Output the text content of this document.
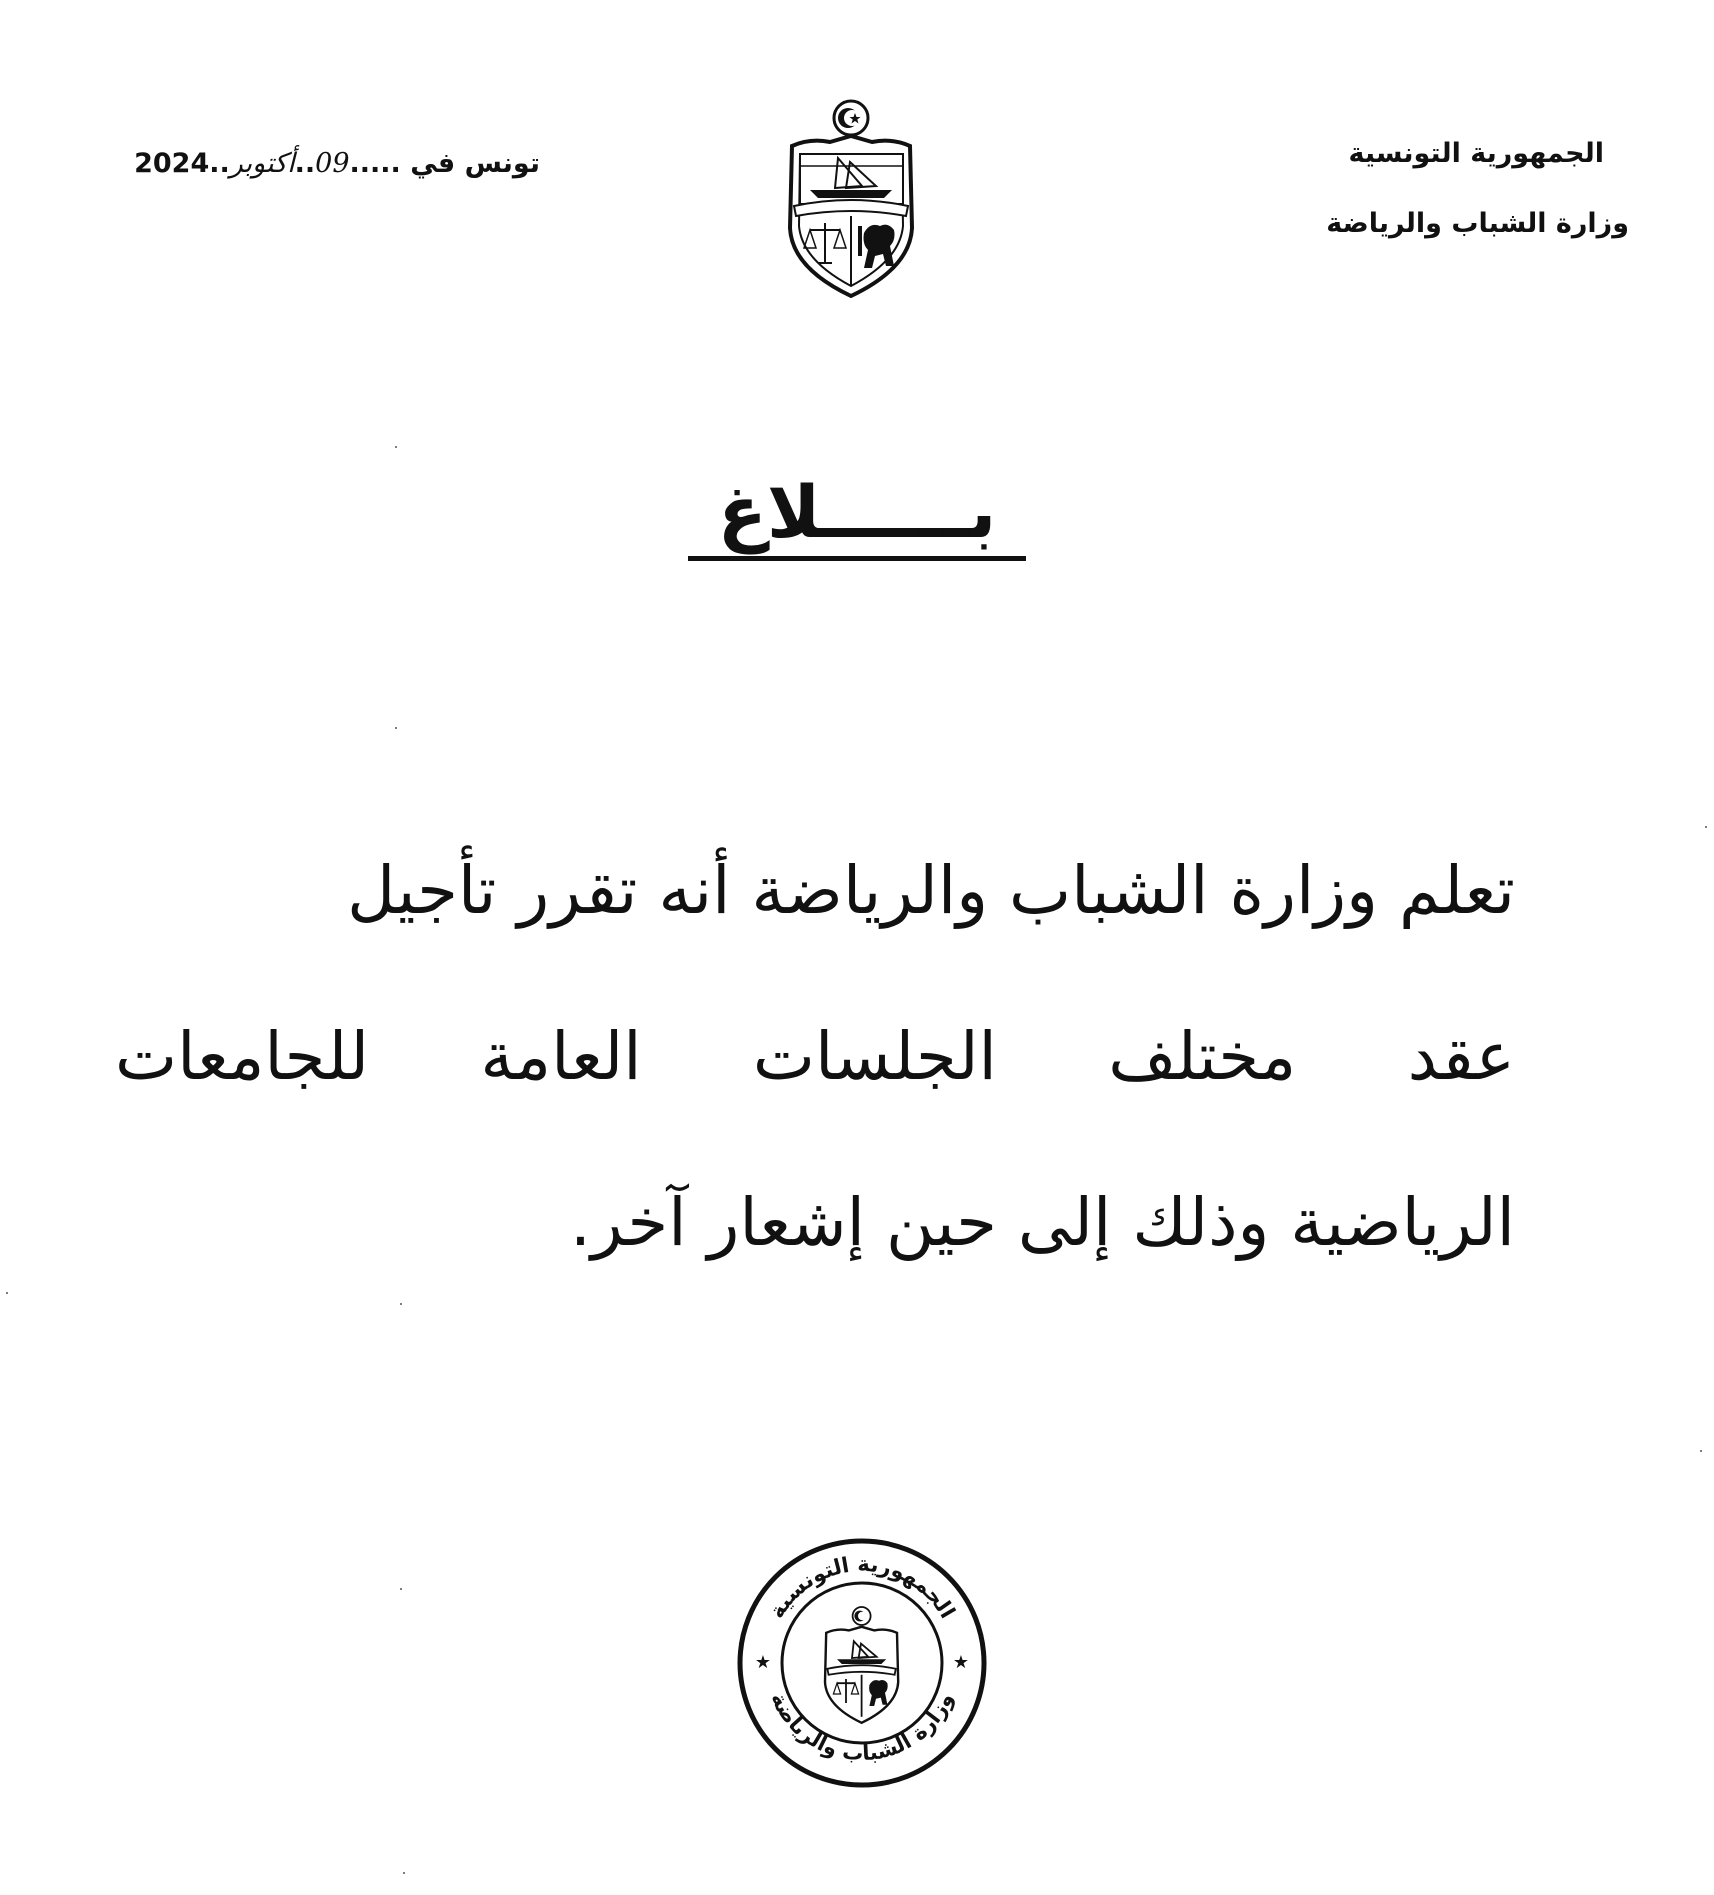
الجمهورية التونسية
وزارة الشباب والرياضة
تونس في .....09..أكتوبر..2024
بــــــلاغ
تعلم وزارة الشباب والرياضة أنه تقرر تأجيل
عقد مختلف الجلسات العامة للجامعات
الرياضية وذلك إلى حين إشعار آخر.
الجمهورية التونسية
وزارة الشباب والرياضة
★	★
